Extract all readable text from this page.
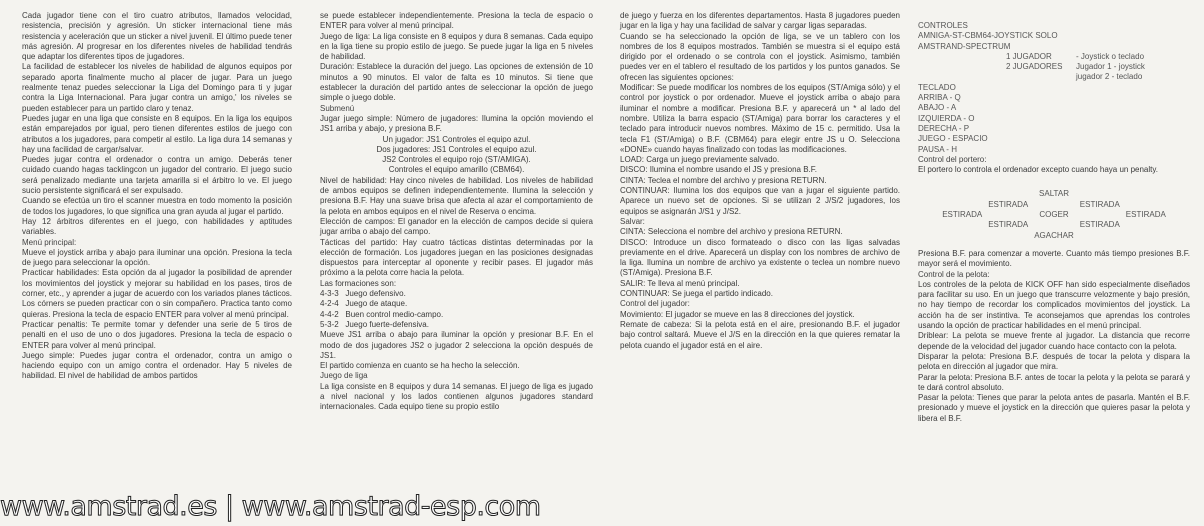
Cada jugador tiene con el tiro cuatro atributos, llamados velocidad, resistencia, precisión y agresión. Un sticker internacional tiene más resistencia y aceleración que un sticker a nivel juvenil. El último puede tener más agresión. Al progresar en los diferentes niveles de habilidad tendrás que adaptar los diferentes tipos de jugadores.

La facilidad de establecer los niveles de habilidad de algunos equipos por separado aporta finalmente mucho al placer de jugar. Para un juego realmente tenaz puedes seleccionar la Liga del Domingo para ti y jugar contra la Liga Internacional. Para jugar contra un amigo,' los niveles se pueden establecer para un partido claro y tenaz.

Puedes jugar en una liga que consiste en 8 equipos. En la liga los equipos están emparejados por igual, pero tienen diferentes estilos de juego con atributos a los jugadores, para competir al estilo. La liga dura 14 semanas y hay una facilidad de cargar/salvar.

Puedes jugar contra el ordenador o contra un amigo. Deberás tener cuidado cuando hagas tacklingcon un jugador del contrario. El juego sucio será penalizado mediante una tarjeta amarilla si el árbitro lo ve. El juego sucio persistente significará el ser expulsado.

Cuando se efectúa un tiro el scanner muestra en todo momento la posición de todos los jugadores, lo que significa una gran ayuda al jugar el partido.

Hay 12 árbitros diferentes en el juego, con habilidades y aptitudes variables.

Menú principal:

Mueve el joystick arriba y abajo para iluminar una opción. Presiona la tecla de juego para seleccionar la opción.

Practicar habilidades: Esta opción da al jugador la posibilidad de aprender los movimientos del joystick y mejorar su habilidad en los pases, tiros de corner, etc., y aprender a jugar de acuerdo con los variados planes tácticos. Los córners se pueden practicar con o sin compañero. Practica tanto como quieras. Presiona la tecla de espacio ENTER para volver al menú principal.

Practicar penaltis: Te permite tomar y defender una serie de 5 tiros de penalti en el uso de uno o dos jugadores. Presiona la tecla de espacio o ENTER para volver al menú principal.

Juego simple: Puedes jugar contra el ordenador, contra un amigo o haciendo equipo con un amigo contra el ordenador. Hay 5 niveles de habilidad. El nivel de habilidad de ambos partidos

se puede establecer independientemente. Presiona la tecla de espacio o ENTER para volver al menú principal.

Juego de liga: La liga consiste en 8 equipos y dura 8 semanas. Cada equipo en la liga tiene su propio estilo de juego. Se puede jugar la liga en 5 niveles de habilidad.

Duración: Establece la duración del juego. Las opciones de extensión de 10 minutos a 90 minutos. El valor de falta es 10 minutos. Si tiene que establecer la duración del partido antes de seleccionar la opción de juego simple o juego doble.

Submenú

Jugar juego simple: Número de jugadores: Ilumina la opción moviendo el JS1 arriba y abajo, y presiona B.F.

Un jugador: JS1 Controles el equipo azul.

Dos jugadores: JS1 Controles el equipo azul.

JS2 Controles el equipo rojo (ST/AMIGA).

Controles el equipo amarillo (CBM64).

Nivel de habilidad: Hay cinco niveles de habilidad. Los niveles de habilidad de ambos equipos se definen independientemente. Ilumina la selección y presiona B.F. Hay una suave brisa que afecta al azar el comportamiento de la pelota en ambos equipos en el nivel de Reserva o encima.

Elección de campos: El ganador en la elección de campos decide si quiera jugar arriba o abajo del campo.

Tácticas del partido: Hay cuatro tácticas distintas determinadas por la elección de formación. Los jugadores juegan en las posiciones designadas dispuestos para interceptar al oponente y recibir pases. El jugador más próximo a la pelota corre hacia la pelota.

Las formaciones son:

4-3-3 Juego defensivo.

4-2-4 Juego de ataque.

4-4-2 Buen control medio-campo.

5-3-2 Juego fuerte-defensiva.

Mueve JS1 arriba o abajo para iluminar la opción y presionar B.F. En el modo de dos jugadores JS2 o jugador 2 selecciona la opción después de JS1.

El partido comienza en cuanto se ha hecho la selección.

Juego de liga

La liga consiste en 8 equipos y dura 14 semanas. El juego de liga es jugado a nivel nacional y los lados contienen algunos jugadores standard internacionales. Cada equipo tiene su propio estilo

de juego y fuerza en los diferentes departamentos. Hasta 8 jugadores pueden jugar en la liga y hay una facilidad de salvar y cargar ligas separadas.

Cuando se ha seleccionado la opción de liga, se ve un tablero con los nombres de los 8 equipos mostrados. También se muestra si el equipo está dirigido por el ordenado o se controla con el joystick. Asimismo, también puedes ver en el tablero el resultado de los partidos y los puntos ganados. Se ofrecen las siguientes opciones:

Modificar: Se puede modificar los nombres de los equipos (ST/Amiga sólo) y el control por joystick o por ordenador. Mueve el joystick arriba o abajo para iluminar el nombre a modificar. Presiona B.F. y aparecerá un * al lado del nombre. Utiliza la barra espacio (ST/Amiga) para borrar los caracteres y el teclado para introducir nuevos nombres. Máximo de 15 c. permitido. Usa la tecla F1 (ST/Amiga) o B.F. (CBM64) para elegir entre JS u O. Selecciona «DONE» cuando hayas finalizado con todas las modificaciones.

LOAD: Carga un juego previamente salvado.

DISCO: Ilumina el nombre usando el JS y presiona B.F.

CINTA: Teclea el nombre del archivo y presiona RETURN.

CONTINUAR: Ilumina los dos equipos que van a jugar el siguiente partido. Aparece un nuevo set de opciones. Si se utilizan 2 J/S/2 jugadores, los equipos se asignarán J/S1 y J/S2.

Salvar:

CINTA: Selecciona el nombre del archivo y presiona RETURN.

DISCO: Introduce un disco formateado o disco con las ligas salvadas previamente en el drive. Aparecerá un display con los nombres de archivo de la liga. Ilumina un nombre de archivo ya existente o teclea un nombre nuevo (ST/Amiga). Presiona B.F.

SALIR: Te lleva al menú principal.

CONTINUAR: Se juega el partido indicado.

Control del jugador:

Movimiento: El jugador se mueve en las 8 direcciones del joystick.

Remate de cabeza: Si la pelota está en el aire, presionando B.F. el jugador bajo control saltará. Mueve el J/S en la dirección en la que quieres rematar la pelota cuando el jugador está en el aire.

CONTROLES

AMNIGA-ST-CBM64-JOYSTICK SOLO

AMSTRAND-SPECTRUM

1 JUGADOR	- Joystick o teclado

2 JUGADORES Jugador 1 - joystick

jugador 2 - teclado

TECLADO

ARRIBA - Q

ABAJO - A

IZQUIERDA - O

DERECHA - P

JUEGO - ESPACIO

PAUSA - H

Control del portero:

El portero lo controla el ordenador excepto cuando haya un penalty.

SALTAR
ESTIRADA	ESTIRADA
ESTIRADA	COGER	ESTIRADA
ESTIRADA	ESTIRADA
AGACHAR

Presiona B.F. para comenzar a moverte. Cuanto más tiempo presiones B.F. mayor será el movimiento.

Control de la pelota:

Los controles de la pelota de KICK OFF han sido especialmente diseñados para facilitar su uso. En un juego que transcurre velozmente y bajo presión, no hay tiempo de recordar los complicados movimientos del joystick. La acción ha de ser instintiva. Te aconsejamos que aprendas los controles usando la opción de practicar habilidades en el menú principal.

Driblear: La pelota se mueve frente al jugador. La distancia que recorre depende de la velocidad del jugador cuando hace contacto con la pelota.

Disparar la pelota: Presiona B.F. después de tocar la pelota y dispara la pelota en dirección al jugador que mira.

Parar la pelota: Presiona B.F. antes de tocar la pelota y la pelota se parará y te dará control absoluto.

Pasar la pelota: Tienes que parar la pelota antes de pasarla. Mantén el B.F. presionado y mueve el joystick en la dirección que quieres pasar la pelota y libera el B.F.

www.amstrad.es | www.amstrad-esp.com
